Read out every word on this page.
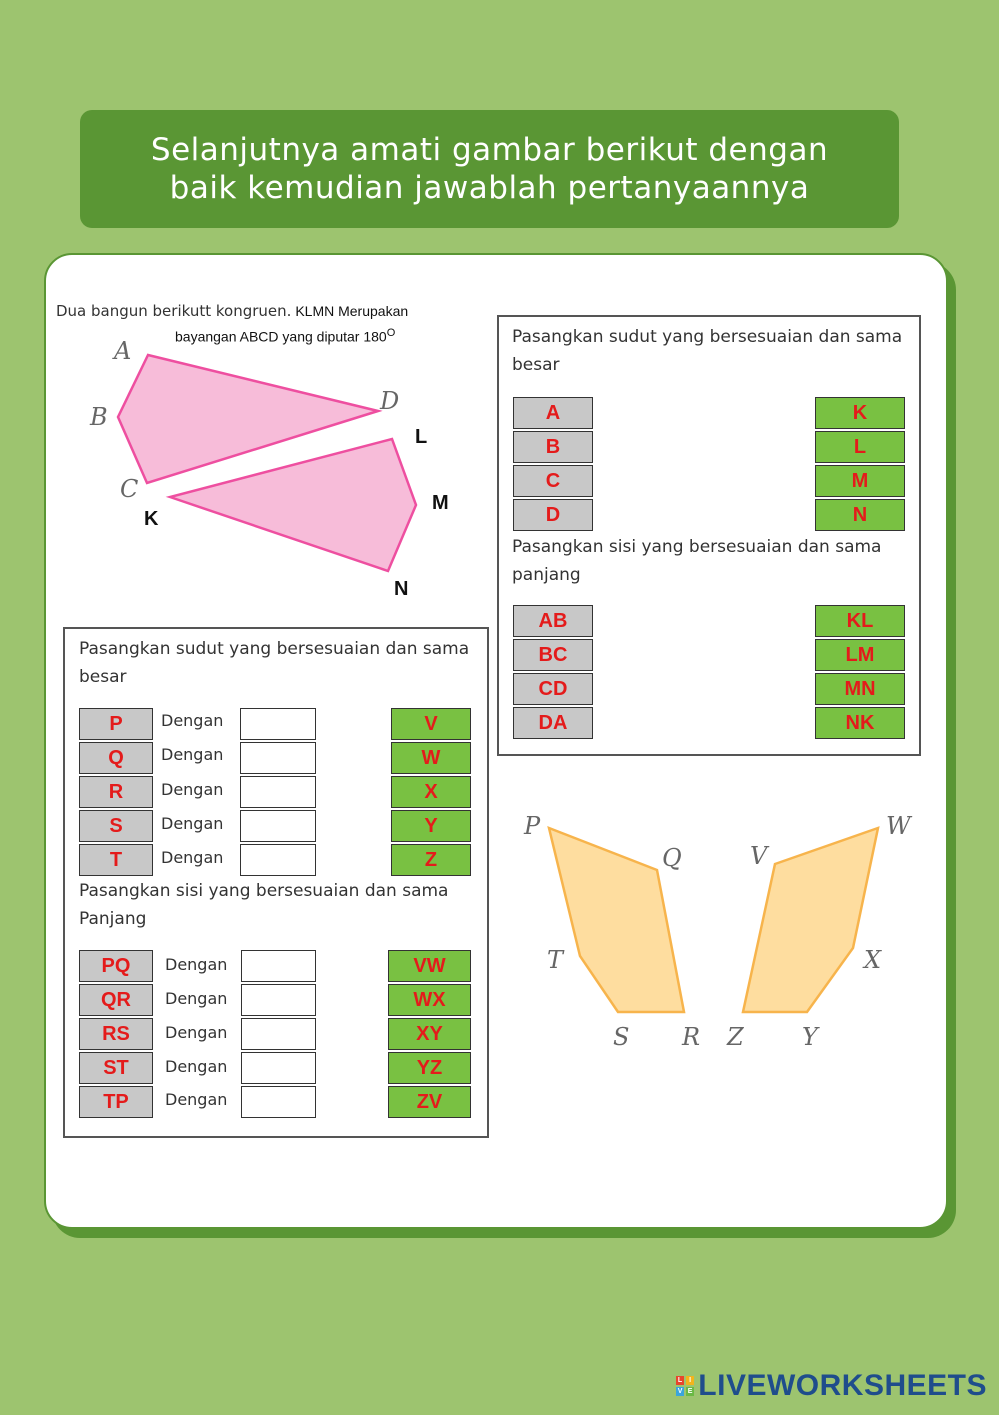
Selanjutnya amati gambar berikut dengan
baik kemudian jawablah pertanyaannya
Dua bangun berikutt kongruen. KLMN Merupakan
bayangan ABCD yang diputar $180^O$
A
B
C
D
K
L
M
N
Pasangkan sudut yang bersesuaian dan sama
besar
A
B
C
D
K
L
M
N
Pasangkan sisi yang bersesuaian dan sama
panjang
AB
BC
CD
DA
KL
LM
MN
NK
Pasangkan sudut yang bersesuaian dan sama
besar
P
Q
R
S
T
Dengan
Dengan
Dengan
Dengan
Dengan
V
W
X
Y
Z
Pasangkan sisi yang bersesuaian dan sama
Panjang
PQ
QR
RS
ST
TP
Dengan
Dengan
Dengan
Dengan
Dengan
VW
WX
XY
YZ
ZV
P
Q
R
S
T
V
W
X
Y
Z
L I
V E LIVEWORKSHEETS
